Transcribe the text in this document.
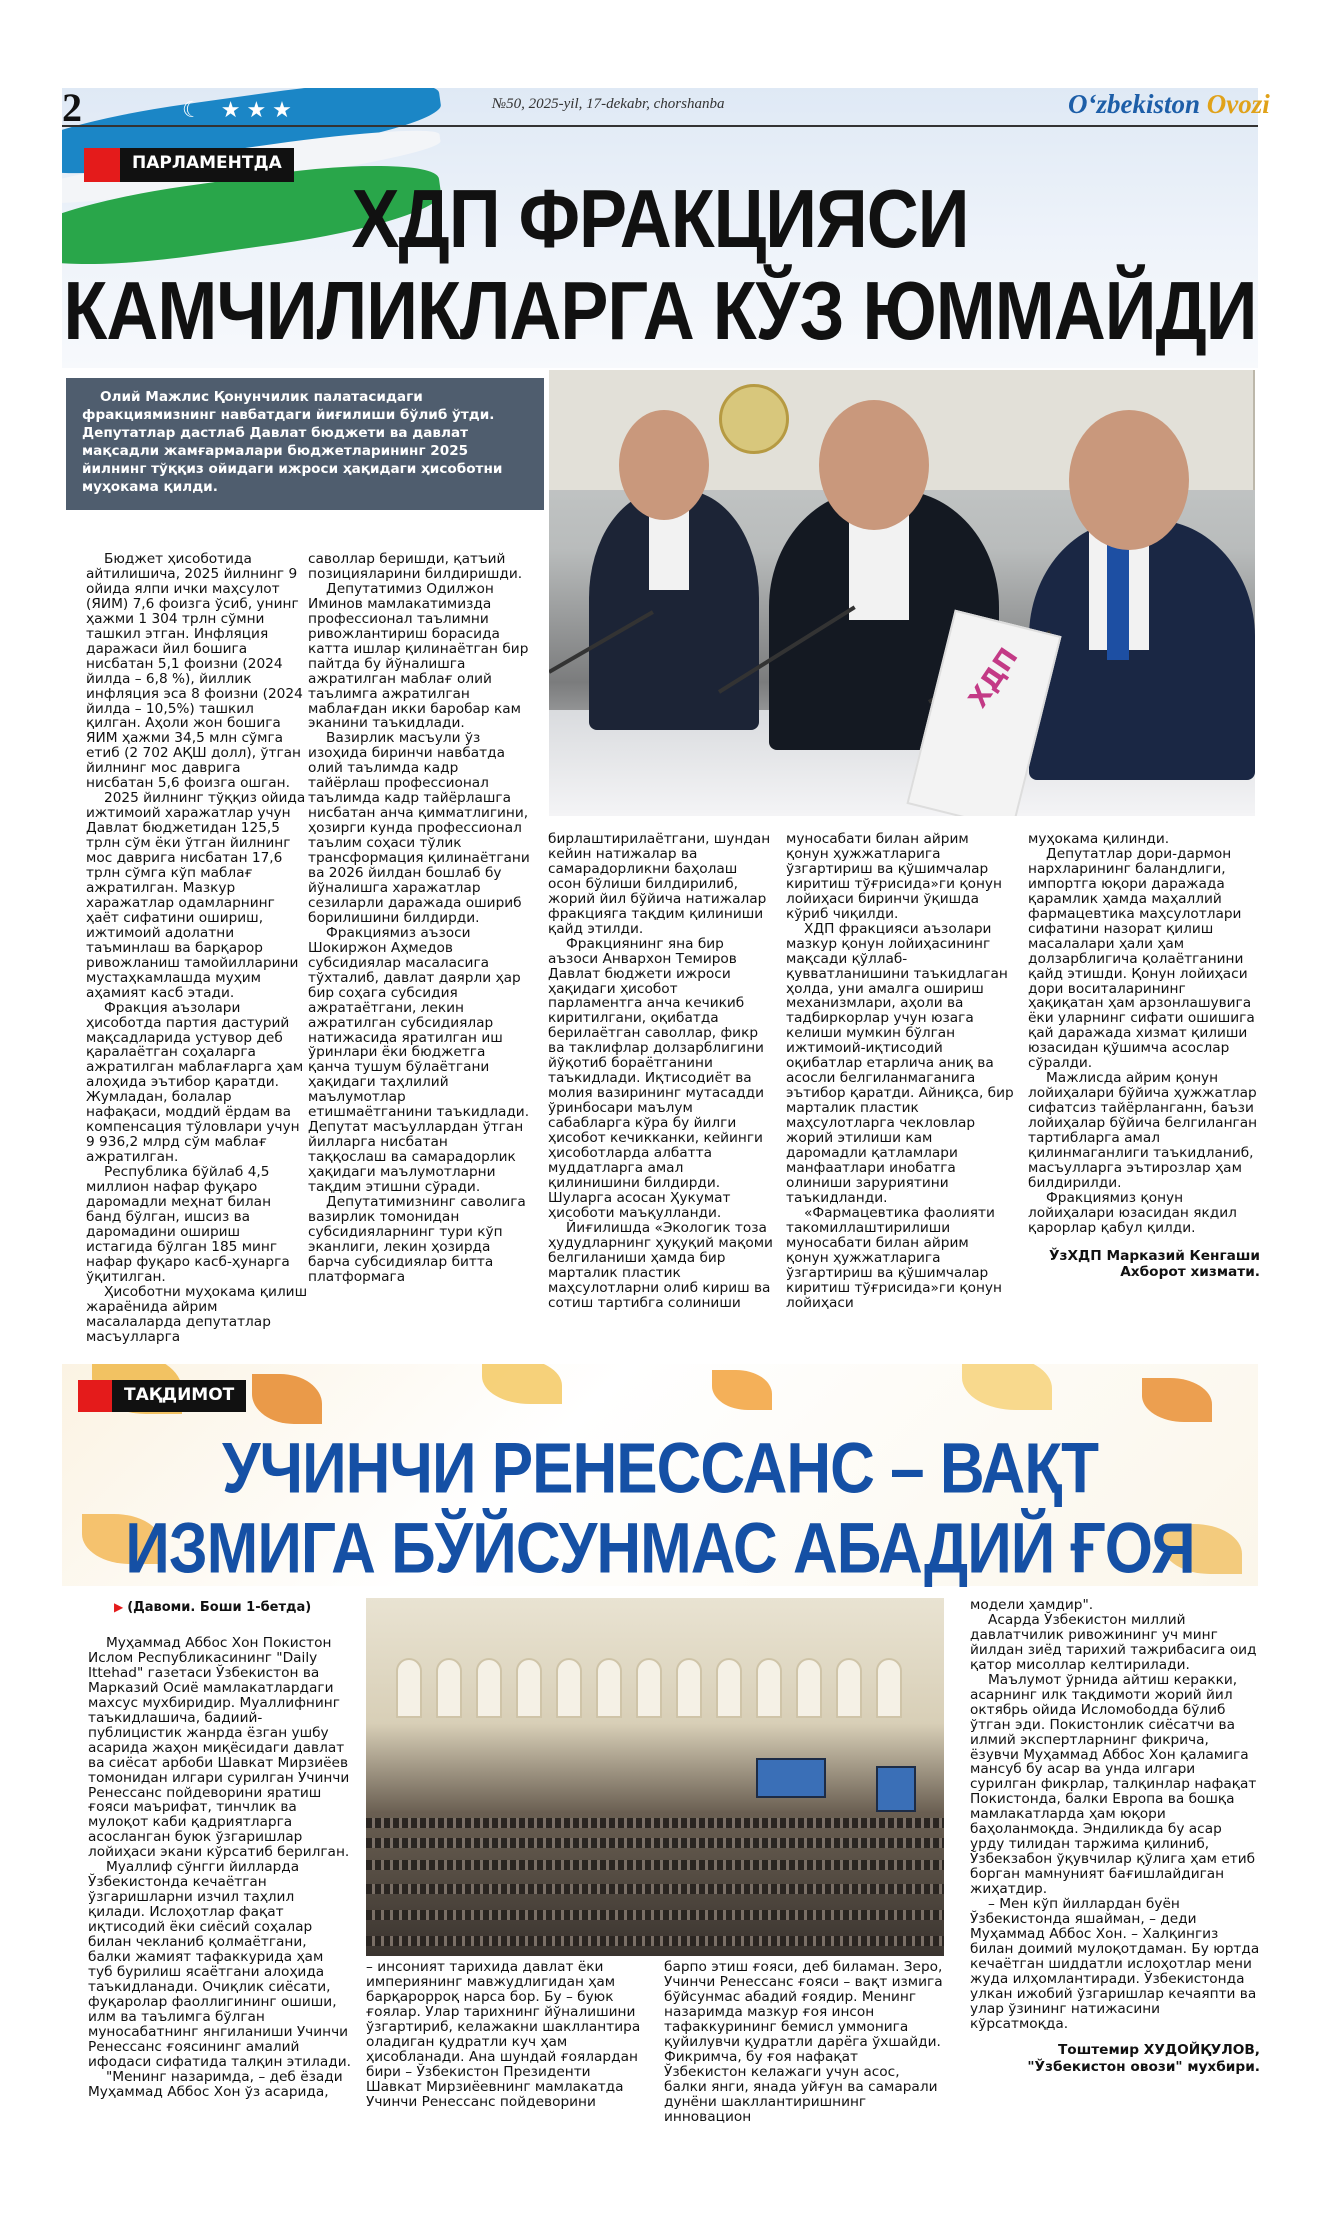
☾ ★★★
2	№50, 2025-yil, 17-dekabr, chorshanba	O‘zbekiston Ovozi
ПАРЛАМЕНТДА
ХДП ФРАКЦИЯСИ
КАМЧИЛИКЛАРГА КЎЗ ЮММАЙДИ
Олий Мажлис Қонунчилик палатасидаги фракциямизнинг навбатдаги йиғилиши бўлиб ўтди. Депутатлар дастлаб Давлат бюджети ва давлат мақсадли жамғармалари бюджетларининг 2025 йилнинг тўққиз ойидаги ижроси ҳақидаги ҳисоботни муҳокама қилди.
ХДП

Бюджет ҳисоботида айтилишича, 2025 йилнинг 9 ойида ялпи ички маҳсулот (ЯИМ) 7,6 фоизга ўсиб, унинг ҳажми 1 304 трлн сўмни ташкил этган. Инфляция даражаси йил бошига нисбатан 5,1 фоизни (2024 йилда – 6,8 %), йиллик инфляция эса 8 фоизни (2024 йилда – 10,5%) ташкил қилган. Аҳоли жон бошига ЯИМ ҳажми 34,5 млн сўмга етиб (2 702 АҚШ долл), ўтган йилнинг мос даврига нисбатан 5,6 фоизга ошган.

2025 йилнинг тўққиз ойида ижтимоий харажатлар учун Давлат бюджетидан 125,5 трлн сўм ёки ўтган йилнинг мос даврига нисбатан 17,6 трлн сўмга кўп маблағ ажратилган. Мазкур харажатлар одамларнинг ҳаёт сифатини ошириш, ижтимоий адолатни таъминлаш ва барқарор ривожланиш тамойилларини мустаҳкамлашда муҳим аҳамият касб этади.

Фракция аъзолари ҳисоботда партия дастурий мақсадларида устувор деб қаралаётган соҳаларга ажратилган маблағларга ҳам алоҳида эътибор қаратди. Жумладан, болалар нафақаси, моддий ёрдам ва компенсация тўловлари учун 9 936,2 млрд сўм маблағ ажратилган.

Республика бўйлаб 4,5 миллион нафар фуқаро даромадли меҳнат билан банд бўлган, ишсиз ва даромадини ошириш истагида бўлган 185 минг нафар фуқаро касб-ҳунарга ўқитилган.

Ҳисоботни муҳокама қилиш жараёнида айрим масалаларда депутатлар масъулларга

саволлар беришди, қатъий позицияларини билдиришди.

Депутатимиз Одилжон Иминов мамлакатимизда профессионал таълимни ривожлантириш борасида катта ишлар қилинаётган бир пайтда бу йўналишга ажратилган маблағ олий таълимга ажратилган маблағдан икки баробар кам эканини таъкидлади.

Вазирлик масъули ўз изоҳида биринчи навбатда олий таълимда кадр тайёрлаш профессионал таълимда кадр тайёрлашга нисбатан анча қимматлигини, ҳозирги кунда профессионал таълим соҳаси тўлик трансформация қилинаётгани ва 2026 йилдан бошлаб бу йўналишга харажатлар сезиларли даражада ошириб борилишини билдирди.

Фракциямиз аъзоси Шокиржон Аҳмедов субсидиялар масаласига тўхталиб, давлат даярли ҳар бир соҳага субсидия ажратаётгани, лекин ажратилган субсидиялар натижасида яратилган иш ўринлари ёки бюджетга қанча тушум бўлаётгани ҳақидаги таҳлилий маълумотлар етишмаётганини таъкидлади. Депутат масъуллардан ўтган йилларга нисбатан таққослаш ва самарадорлик ҳақидаги маълумотларни тақдим этишни сўради.

Депутатимизнинг саволига вазирлик томонидан субсидияларнинг тури кўп эканлиги, лекин ҳозирда барча субсидиялар битта платформага

бирлаштирилаётгани, шундан кейин натижалар ва самарадорликни баҳолаш осон бўлиши билдирилиб, жорий йил бўйича натижалар фракцияга тақдим қилиниши қайд этилди.

Фракциянинг яна бир аъзоси Анварxон Темиров Давлат бюджети ижроси ҳақидаги ҳисобот парламентга анча кечикиб киритилгани, оқибатда берилаётган саволлар, фикр ва таклифлар долзарблигини йўқотиб бораётганини таъкидлади. Иқтисодиёт ва молия вазирининг мутасадди ўринбосари маълум сабабларга кўра бу йилги ҳисобот кечикканки, кейинги ҳисоботларда албатта муддатларга амал қилинишини билдирди. Шуларга асосан Ҳукумат ҳисоботи маъқулланди.

Йиғилишда «Экологик тоза ҳудудларнинг ҳуқуқий мақоми белгиланиши ҳамда бир марталик пластик маҳсулотларни олиб кириш ва сотиш тартибга солиниши

муносабати билан айрим қонун ҳужжатларига ўзгартириш ва қўшимчалар киритиш тўғрисида»ги қонун лойиҳаси биринчи ўқишда кўриб чиқилди.

ХДП фракцияси аъзолари мазкур қонун лойиҳасининг мақсади қўллаб-қувватланишини таъкидлаган ҳолда, уни амалга ошириш механизмлари, аҳоли ва тадбиркорлар учун юзага келиши мумкин бўлган ижтимоий-иқтисодий оқибатлар етарлича аниқ ва асосли белгиланмаганига эътибор қаратди. Айниқса, бир марталик пластик маҳсулотларга чекловлар жорий этилиши кам даромадли қатламлари манфаатлари инобатга олиниши заруриятини таъкидланди.

«Фармацевтика фаолияти такомиллаштирилиши муносабати билан айрим қонун ҳужжатларига ўзгартириш ва қўшимчалар киритиш тўғрисида»ги қонун лойиҳаси

муҳокама қилинди.

Депутатлар дори-дармон нархларининг баландлиги, импортга юқори даражада қарамлик ҳамда маҳаллий фармацевтика маҳсулотлари сифатини назорат қилиш масалалари ҳали ҳам долзарблигича қолаётганини қайд этишди. Қонун лойиҳаси дори воситаларининг ҳақиқатан ҳам арзонлашувига ёки уларнинг сифати ошишига қай даражада хизмат қилиши юзасидан қўшимча асослар сўралди.

Мажлисда айрим қонун лойиҳалари бўйича ҳужжатлар сифатсиз тайёрланганн, баъзи лойиҳалар бўйича белгиланган тартибларга амал қилинмаганлиги таъкидланиб, масъулларга эътирозлар ҳам билдирилди.

Фракциямиз қонун лойиҳалари юзасидан якдил қарорлар қабул қилди.

ЎзХДП Марказий Кенгаши
Ахборот хизмати.
ТАҚДИМОТ
УЧИНЧИ РЕНЕССАНС – ВАҚТ
ИЗМИГА БЎЙСУНМАС АБАДИЙ ҒОЯ
▶ (Давоми. Боши 1-бетда)

Муҳаммад Аббос Хон Покистон Ислом Республикасининг "Daily Ittehad" газетаси Ўзбекистон ва Марказий Осиё мамлакатлардаги махсус мухбиридир. Муаллифнинг таъкидлашича, бадиий-публицистик жанрда ёзган ушбу асарида жаҳон миқёсидаги давлат ва сиёсат арбоби Шавкат Мирзиёев томонидан илгари сурилган Учинчи Ренессанс пойдеворини яратиш ғояси маърифат, тинчлик ва мулоқот каби қадриятларга асосланган буюк ўзгаришлар лойиҳаси экани кўрсатиб берилган.

Муаллиф сўнгги йилларда Ўзбекистонда кечаётган ўзгаришларни изчил таҳлил қилади. Ислоҳотлар фақат иқтисодий ёки сиёсий соҳалар билан чекланиб қолмаётгани, балки жамият тафаккурида ҳам туб бурилиш ясаётгани алоҳида таъкидланади. Очиқлик сиёсати, фуқаролар фаоллигининг ошиши, илм ва таълимга бўлган муносабатнинг янгиланиши Учинчи Ренессанс ғоясининг амалий ифодаси сифатида талқин этилади.

"Менинг назаримда, – деб ёзади Муҳаммад Аббос Хон ўз асарида,

– инсоният тарихида давлат ёки империянинг мавжудлигидан ҳам барқарорроқ нарса бор. Бу – буюк ғоялар. Улар тарихнинг йўналишини ўзгартириб, келажакни шакллантира оладиган қудратли куч ҳам ҳисобланади. Ана шундай ғоялардан бири – Ўзбекистон Президенти Шавкат Мирзиёевнинг мамлакатда Учинчи Ренессанс пойдеворини

барпо этиш ғояси, деб биламан. Зеро, Учинчи Ренессанс ғояси – вақт измига бўйсунмас абадий ғоядир. Менинг назаримда мазкур ғоя инсон тафаккурининг бемисл уммонига қуйилувчи қудратли дарёга ўхшайди. Фикримча, бу ғоя нафақат Ўзбекистон келажаги учун асос, балки янги, янада уйғун ва самарали дунёни шакллантиришнинг инновацион

модели ҳамдир".

Асарда Ўзбекистон миллий давлатчилик ривожининг уч минг йилдан зиёд тарихий тажрибасига оид қатор мисоллар келтирилади.

Маълумот ўрнида айтиш керакки, асарнинг илк тақдимоти жорий йил октябрь ойида Исломободда бўлиб ўтган эди. Покистонлик сиёсатчи ва илмий экспертларнинг фикрича, ёзувчи Муҳаммад Аббос Хон қаламига мансуб бу асар ва унда илгари сурилган фикрлар, талқинлар нафақат Покистонда, балки Европа ва бошқа мамлакатларда ҳам юқори баҳоланмоқда. Эндиликда бу асар урду тилидан таржима қилиниб, Ўзбекзабон ўқувчилар қўлига ҳам етиб борган мамнуният бағишлайдиган жиҳатдир.

– Мен кўп йиллардан буён Ўзбекистонда яшайман, – деди Муҳаммад Аббос Хон. – Халқингиз билан доимий мулоқотдаман. Бу юртда кечаётган шиддатли ислоҳотлар мени жуда илҳомлантиради. Ўзбекистонда улкан ижобий ўзгаришлар кечаяпти ва улар ўзининг натижасини кўрсатмоқда.

Тоштемир ХУДОЙҚУЛОВ,
"Ўзбекистон овози" мухбири.
